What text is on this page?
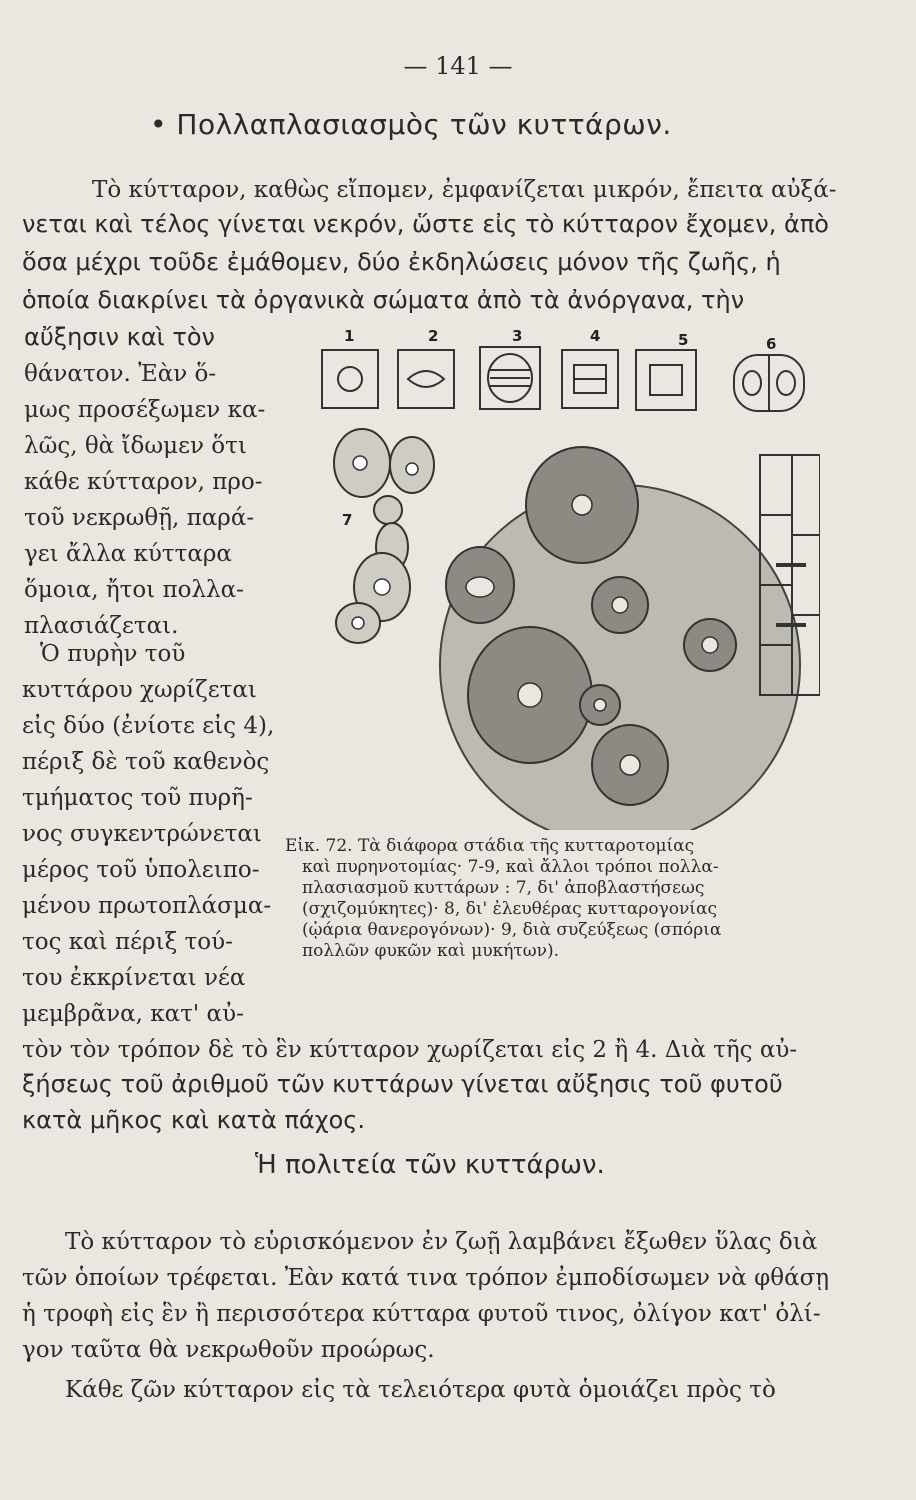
— 141 —
• Πολλαπλασιασμὸς τῶν κυττάρων.
Τὸ κύτταρον, καθὼς εἴπομεν, ἐμφανίζεται μικρόν, ἔπειτα αὐξά-
νεται καὶ τέλος γίνεται νεκρόν, ὥστε εἰς τὸ κύτταρον ἔχομεν, ἀπὸ
ὅσα μέχρι τοῦδε ἐμάθομεν, δύο ἐκδηλώσεις μόνον τῆς ζωῆς, ἡ
ὁποία διακρίνει τὰ ὀργανικὰ σώματα ἀπὸ τὰ ἀνόργανα, τὴν
αὔξησιν καὶ τὸν
θάνατον. Ἐὰν ὅ-
μως προσέξωμεν κα-
λῶς, θὰ ἴδωμεν ὅτι
κάθε κύτταρον, προ-
τοῦ νεκρωθῇ, παρά-
γει ἄλλα κύτταρα
ὅμοια, ἤτοι πολλα-
πλασιάζεται.
Ὁ πυρὴν τοῦ
κυττάρου χωρίζεται
εἰς δύο (ἐνίοτε εἰς 4),
πέριξ δὲ τοῦ καθενὸς
τμήματος τοῦ πυρῆ-
νος συγκεντρώνεται
μέρος τοῦ ὑπολειπο-
μένου πρωτοπλάσμα-
τος καὶ πέριξ τού-
του ἐκκρίνεται νέα
μεμβρᾶνα, κατ' αὐ-
τὸν τὸν τρόπον δὲ τὸ ἓν κύτταρον χωρίζεται εἰς 2 ἢ 4. Διὰ τῆς αὐ-
ξήσεως τοῦ ἀριθμοῦ τῶν κυττάρων γίνεται αὔξησις τοῦ φυτοῦ
κατὰ μῆκος καὶ κατὰ πάχος.
Εἰκ. 72. Τὰ διάφορα στάδια τῆς κυτταροτομίας
καὶ πυρηνοτομίας· 7-9, καὶ ἄλλοι τρόποι πολλα-
πλασιασμοῦ κυττάρων : 7, δι' ἀποβλαστήσεως
(σχιζομύκητες)· 8, δι' ἐλευθέρας κυτταρογονίας
(ᾠάρια θανερογόνων)· 9, διὰ συζεύξεως (σπόρια
πολλῶν φυκῶν καὶ μυκήτων).
1	2	3	4	5	6
7
Ἡ πολιτεία τῶν κυττάρων.
Τὸ κύτταρον τὸ εὑρισκόμενον ἐν ζωῇ λαμβάνει ἔξωθεν ὕλας διὰ
τῶν ὁποίων τρέφεται. Ἐὰν κατά τινα τρόπον ἐμποδίσωμεν νὰ φθάσῃ
ἡ τροφὴ εἰς ἓν ἢ περισσότερα κύτταρα φυτοῦ τινος, ὀλίγον κατ' ὀλί-
γον ταῦτα θὰ νεκρωθοῦν προώρως.
Κάθε ζῶν κύτταρον εἰς τὰ τελειότερα φυτὰ ὁμοιάζει πρὸς τὸ
